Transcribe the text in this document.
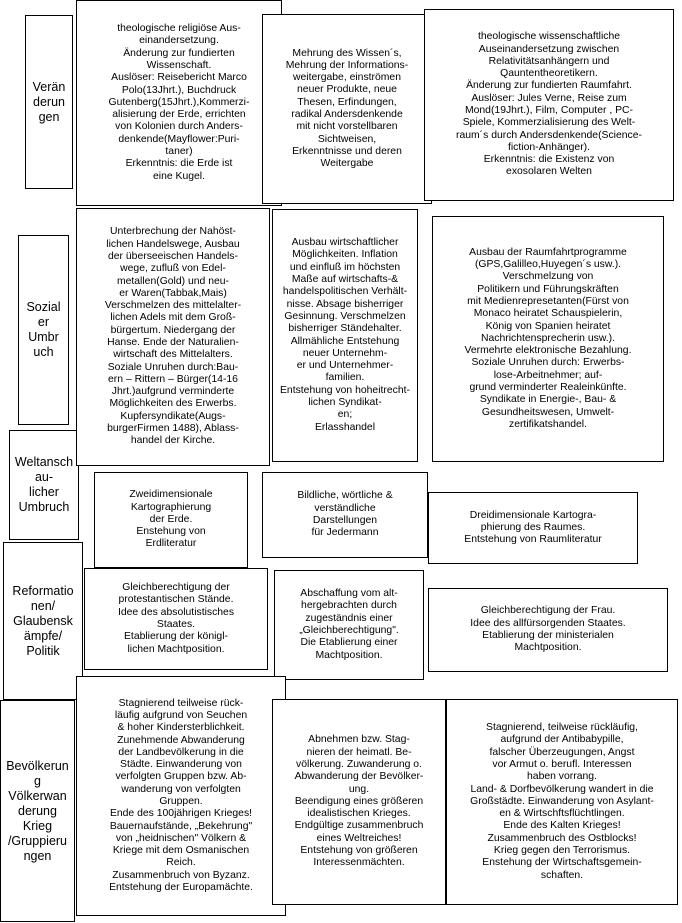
Verän
derun
gen
Sozial
er
Umbr
uch
Weltansch
au-
licher
Umbruch
Reformatio
nen/
Glaubensk
ämpfe/
Politik
Bevölkerun
g
Völkerwan
derung
Krieg
/Gruppieru
ngen
theologische religiöse Aus-
einandersetzung.
Änderung zur fundierten
Wissenschaft.
Auslöser: Reisebericht Marco
Polo(13Jhrt.), Buchdruck
Gutenberg(15Jhrt.),Kommerzi-
alisierung der Erde, errichten
von Kolonien durch Anders-
denkende(Mayflower:Puri-
taner)
Erkenntnis: die Erde ist
eine Kugel.
Mehrung des Wissen´s,
Mehrung der Informations-
weitergabe, einströmen
neuer Produkte, neue
Thesen, Erfindungen,
radikal Andersdenkende
mit nicht vorstellbaren
Sichtweisen,
Erkenntnisse und deren
Weitergabe
theologische wissenschaftliche
Auseinandersetzung zwischen
Relativitätsanhängern und
Qauntentheoretikern.
Änderung zur fundierten Raumfahrt.
Auslöser: Jules Verne, Reise zum
Mond(19Jhrt.), Film, Computer , PC-
Spiele, Kommerzialisierung des Welt-
raum´s durch Andersdenkende(Science-
fiction-Anhänger).
Erkenntnis: die Existenz von
exosolaren Welten
Unterbrechung der Nahöst-
lichen Handelswege, Ausbau
der überseeischen Handels-
wege, zufluß von Edel-
metallen(Gold) und neu-
er Waren(Tabbak,Mais)
Verschmelzen des mittelalter-
lichen Adels mit dem Groß-
bürgertum. Niedergang der
Hanse. Ende der Naturalien-
wirtschaft des Mittelalters.
Soziale Unruhen durch:Bau-
ern – Rittern – Bürger(14-16
Jhrt.)aufgrund verminderte
Möglichkeiten des Erwerbs.
Kupfersyndikate(Augs-
burgerFirmen 1488), Ablass-
handel der Kirche.
Ausbau wirtschaftlicher
Möglichkeiten. Inflation
und einfluß im höchsten
Maße auf wirtschafts-&
handelspolitischen Verhält-
nisse. Absage bisherriger
Gesinnung. Verschmelzen
bisherriger Ständehalter.
Allmähliche Entstehung
neuer Unternehm-
er und Unternehmer-
familien.
Entstehung von hoheitrecht-
lichen Syndikat-
en;
Erlasshandel
Ausbau der Raumfahrtprogramme
(GPS,Galilleo,Huyegen´s usw.).
Verschmelzung von
Politikern und Führungskräften
mit Medienrepresetanten(Fürst von
Monaco heiratet Schauspielerin,
König von Spanien heiratet
Nachrichtensprecherin usw.).
Vermehrte elektronische Bezahlung.
Soziale Unruhen durch: Erwerbs-
lose-Arbeitnehmer; auf-
grund verminderter Realeinkünfte.
Syndikate in Energie-, Bau- &
Gesundheitswesen, Umwelt-
zertifikatshandel.
Zweidimensionale
Kartographierung
der Erde.
Enstehung von
Erdliteratur
Bildliche, wörtliche &
verständliche
Darstellungen
für Jedermann
Dreidimensionale Kartogra-
phierung des Raumes.
Entstehung von Raumliteratur
Gleichberechtigung der
protestantischen Stände.
Idee des absolutistisches
Staates.
Etablierung der königl-
lichen Machtposition.
Abschaffung vom alt-
hergebrachten durch
zugeständnis einer
„Gleichberechtigung".
Die Etablierung einer
Machtposition.
Gleichberechtigung der Frau.
Idee des allfürsorgenden Staates.
Etablierung der ministerialen
Machtposition.
Stagnierend teilweise rück-
läufig aufgrund von Seuchen
& hoher Kindersterblichkeit.
Zunehmende Abwanderung
der Landbevölkerung in die
Städte. Einwanderung von
verfolgten Gruppen bzw. Ab-
wanderung von verfolgten
Gruppen.
Ende des 100jährigen Krieges!
Bauernaufstände, „Bekehrung"
von „heidnischen" Völkern &
Kriege mit dem Osmanischen
Reich.
Zusammenbruch von Byzanz.
Entstehung der Europamächte.
Abnehmen bzw. Stag-
nieren der heimatl. Be-
völkerung. Zuwanderung o.
Abwanderung der Bevölker-
ung.
Beendigung eines größeren
idealistischen Krieges.
Endgültige zusammenbruch
eines Weltreiches!
Entstehung von größeren
Interessenmächten.
Stagnierend, teilweise rückläufig,
aufgrund der Antibabypille,
falscher Überzeugungen, Angst
vor Armut o. berufl. Interessen
haben vorrang.
Land- & Dorfbevölkerung wandert in die
Großstädte. Einwanderung von Asylant-
en & Wirtschftsflüchtlingen.
Ende des Kalten Krieges!
Zusammenbruch des Ostblocks!
Krieg gegen den Terrorismus.
Enstehung der Wirtschaftsgemein-
schaften.
